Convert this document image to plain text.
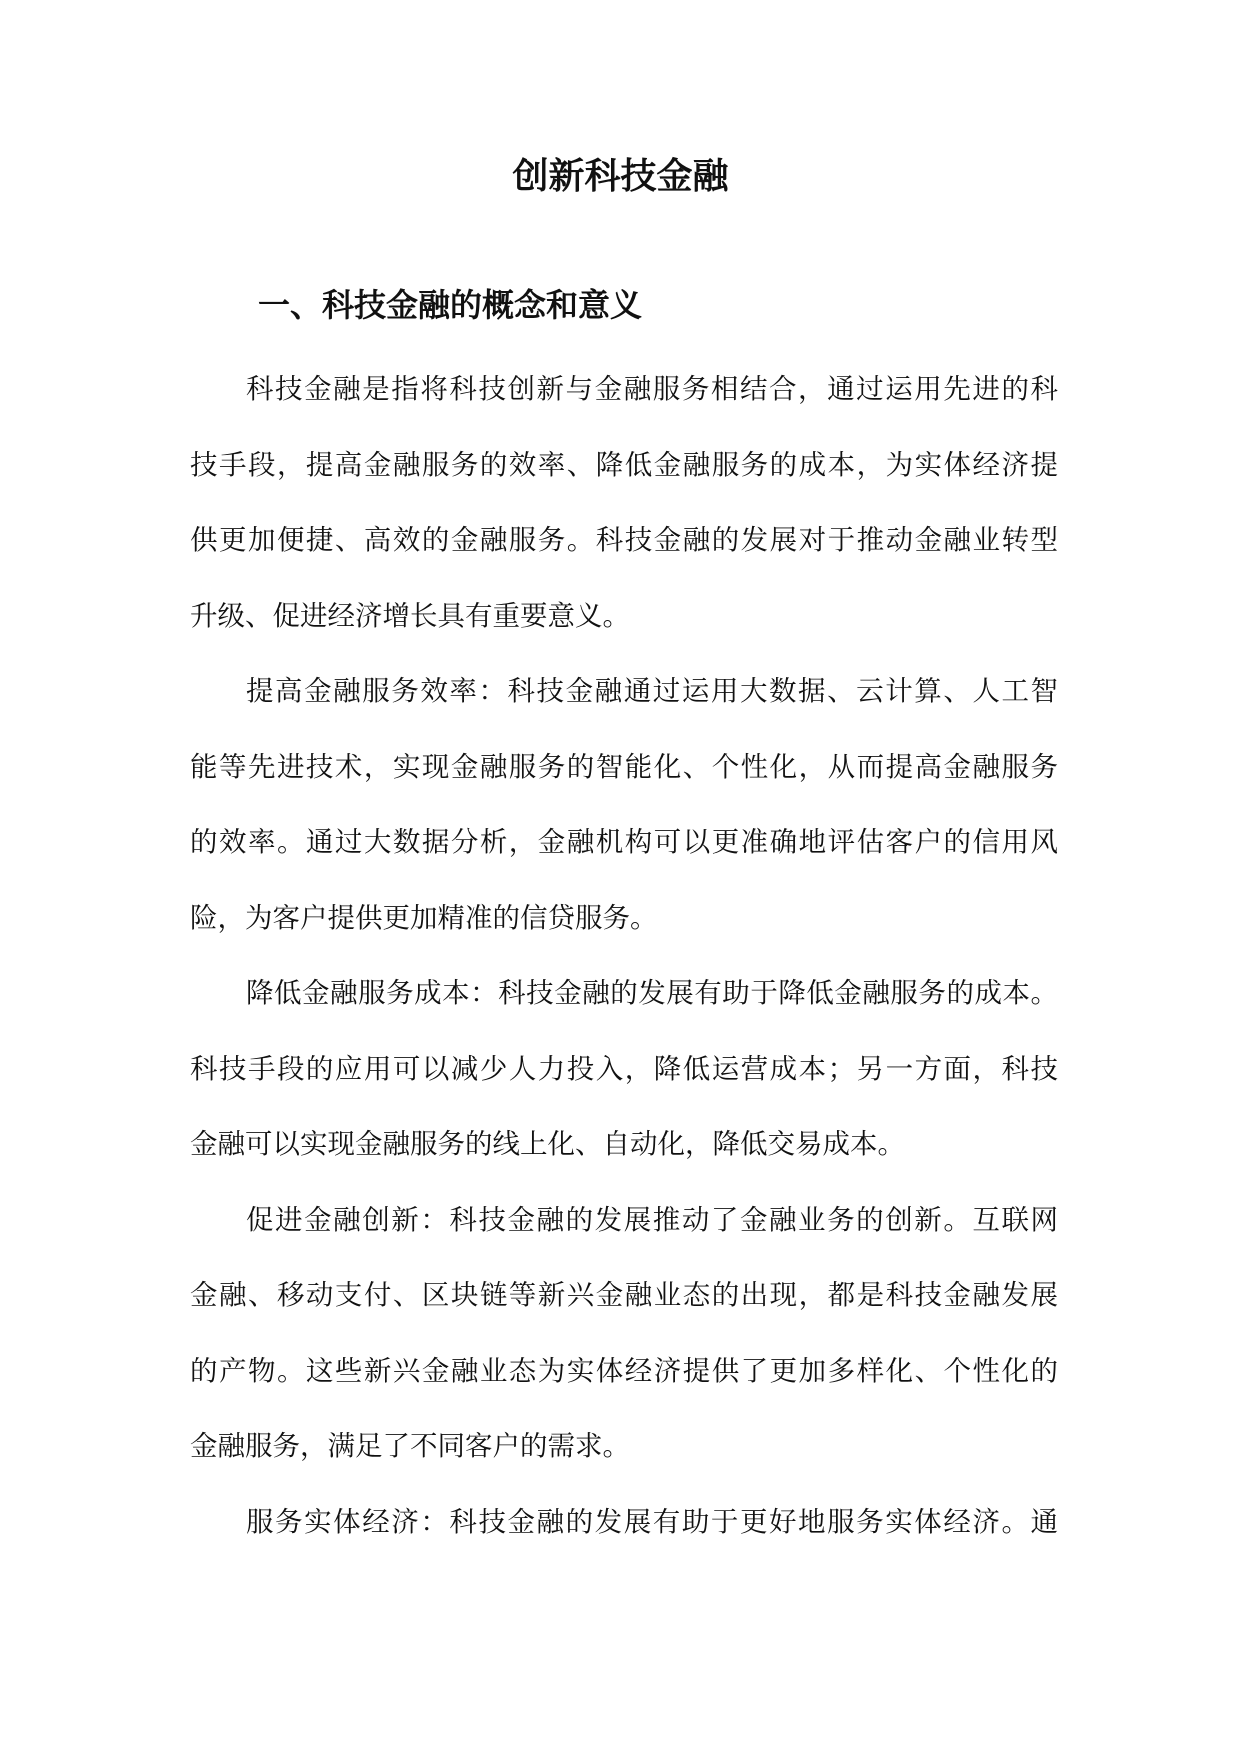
创新科技金融
一、科技金融的概念和意义
科技金融是指将科技创新与金融服务相结合，通过运用先进的科
技手段，提高金融服务的效率、降低金融服务的成本，为实体经济提
供更加便捷、高效的金融服务。科技金融的发展对于推动金融业转型
升级、促进经济增长具有重要意义。
提高金融服务效率：科技金融通过运用大数据、云计算、人工智
能等先进技术，实现金融服务的智能化、个性化，从而提高金融服务
的效率。通过大数据分析，金融机构可以更准确地评估客户的信用风
险，为客户提供更加精准的信贷服务。
降低金融服务成本：科技金融的发展有助于降低金融服务的成本。
科技手段的应用可以减少人力投入，降低运营成本；另一方面，科技
金融可以实现金融服务的线上化、自动化，降低交易成本。
促进金融创新：科技金融的发展推动了金融业务的创新。互联网
金融、移动支付、区块链等新兴金融业态的出现，都是科技金融发展
的产物。这些新兴金融业态为实体经济提供了更加多样化、个性化的
金融服务，满足了不同客户的需求。
服务实体经济：科技金融的发展有助于更好地服务实体经济。通
